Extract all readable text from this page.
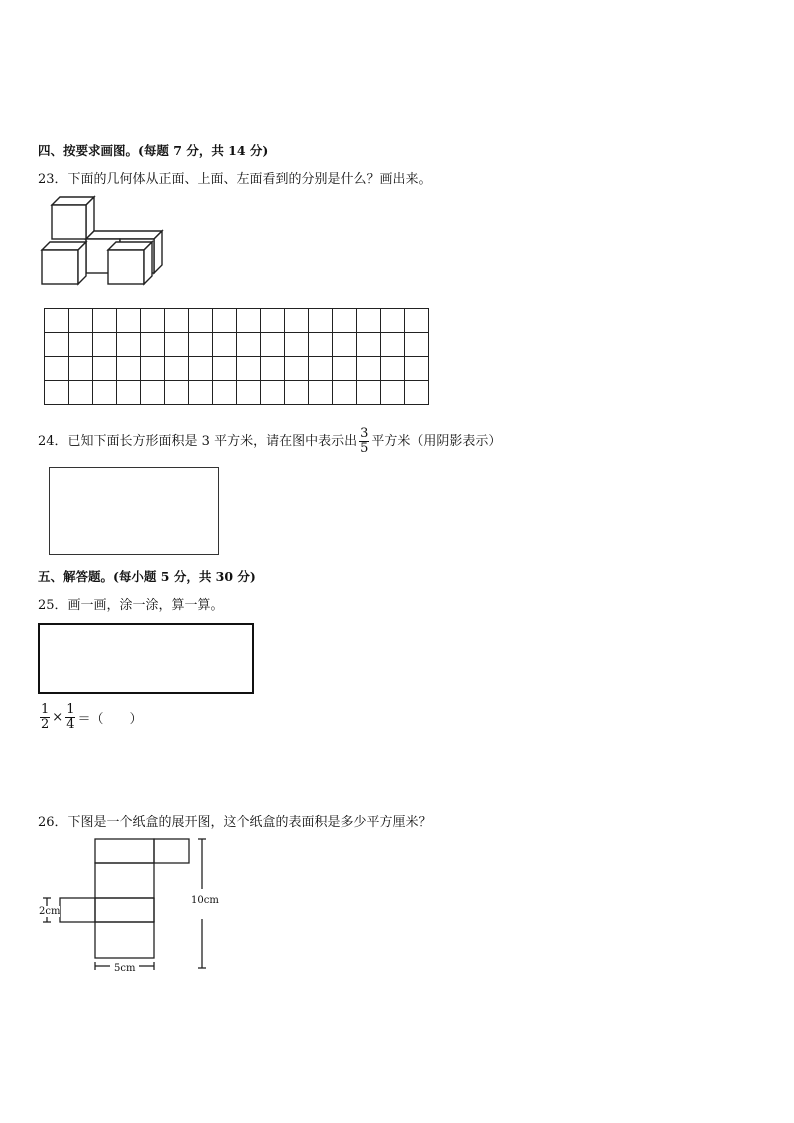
四、按要求画图。(每题 7 分，共 14 分)
23．下面的几何体从正面、上面、左面看到的分别是什么？画出来。
24．已知下面长方形面积是 3 平方米，请在图中表示出 $\frac{3}{5}$ 平方米（用阴影表示）
五、解答题。(每小题 5 分，共 30 分)
25．画一画，涂一涂，算一算。
$\frac{1}{2} \times \frac{1}{4}$ ＝（　　）
26．下图是一个纸盒的展开图，这个纸盒的表面积是多少平方厘米？
10cm
2cm
5cm
